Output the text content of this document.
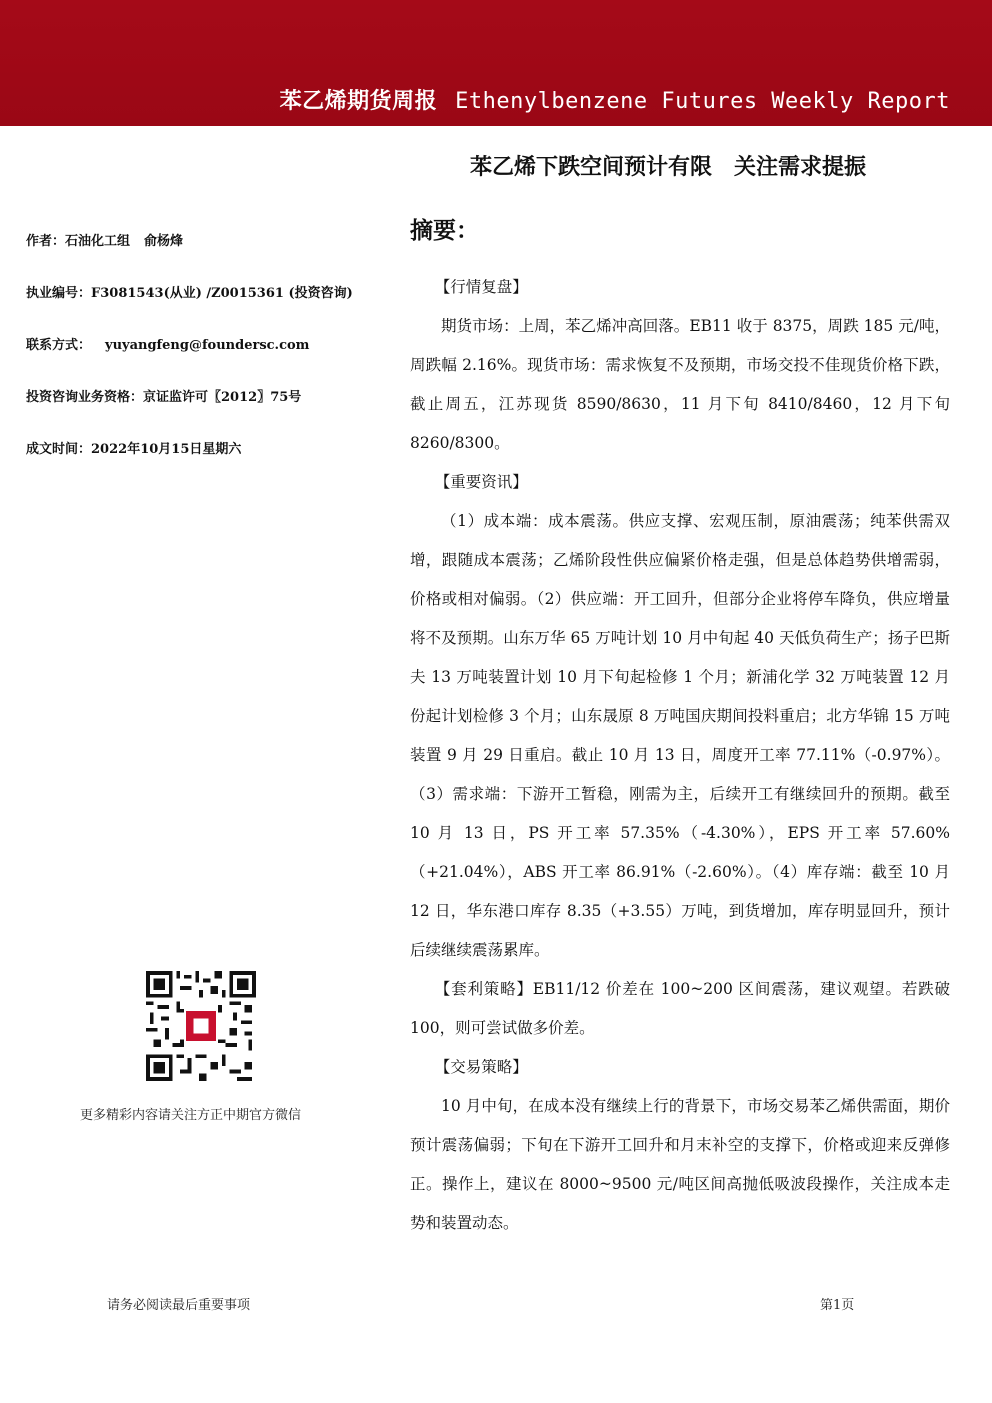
苯乙烯期货周报 Ethenylbenzene Futures Weekly Report
苯乙烯下跌空间预计有限　关注需求提振
摘要：
作者：石油化工组 俞杨烽
执业编号：F3081543(从业) /Z0015361 (投资咨询)
联系方式： yuyangfeng@foundersc.com
投资咨询业务资格：京证监许可〖2012〗75号
成文时间：2022年10月15日星期六
更多精彩内容请关注方正中期官方微信

【行情复盘】

期货市场：上周，苯乙烯冲高回落。EB11 收于 8375，周跌 185 元/吨，周跌幅 2.16%。现货市场：需求恢复不及预期，市场交投不佳现货价格下跌，截止周五，江苏现货 8590/8630，11 月下旬 8410/8460，12 月下旬 8260/8300。

【重要资讯】

（1）成本端：成本震荡。供应支撑、宏观压制，原油震荡；纯苯供需双增，跟随成本震荡；乙烯阶段性供应偏紧价格走强，但是总体趋势供增需弱，价格或相对偏弱。（2）供应端：开工回升，但部分企业将停车降负，供应增量将不及预期。山东万华 65 万吨计划 10 月中旬起 40 天低负荷生产；扬子巴斯夫 13 万吨装置计划 10 月下旬起检修 1 个月；新浦化学 32 万吨装置 12 月份起计划检修 3 个月；山东晟原 8 万吨国庆期间投料重启；北方华锦 15 万吨装置 9 月 29 日重启。截止 10 月 13 日，周度开工率 77.11%（-0.97%）。（3）需求端：下游开工暂稳，刚需为主，后续开工有继续回升的预期。截至 10 月 13 日，PS 开工率 57.35%（-4.30%），EPS 开工率 57.60%（+21.04%），ABS 开工率 86.91%（-2.60%）。（4）库存端：截至 10 月 12 日，华东港口库存 8.35（+3.55）万吨，到货增加，库存明显回升，预计后续继续震荡累库。

【套利策略】EB11/12 价差在 100~200 区间震荡，建议观望。若跌破 100，则可尝试做多价差。

【交易策略】

10 月中旬，在成本没有继续上行的背景下，市场交易苯乙烯供需面，期价预计震荡偏弱；下旬在下游开工回升和月末补空的支撑下，价格或迎来反弹修正。操作上，建议在 8000~9500 元/吨区间高抛低吸波段操作，关注成本走势和装置动态。

请务必阅读最后重要事项	第1页
